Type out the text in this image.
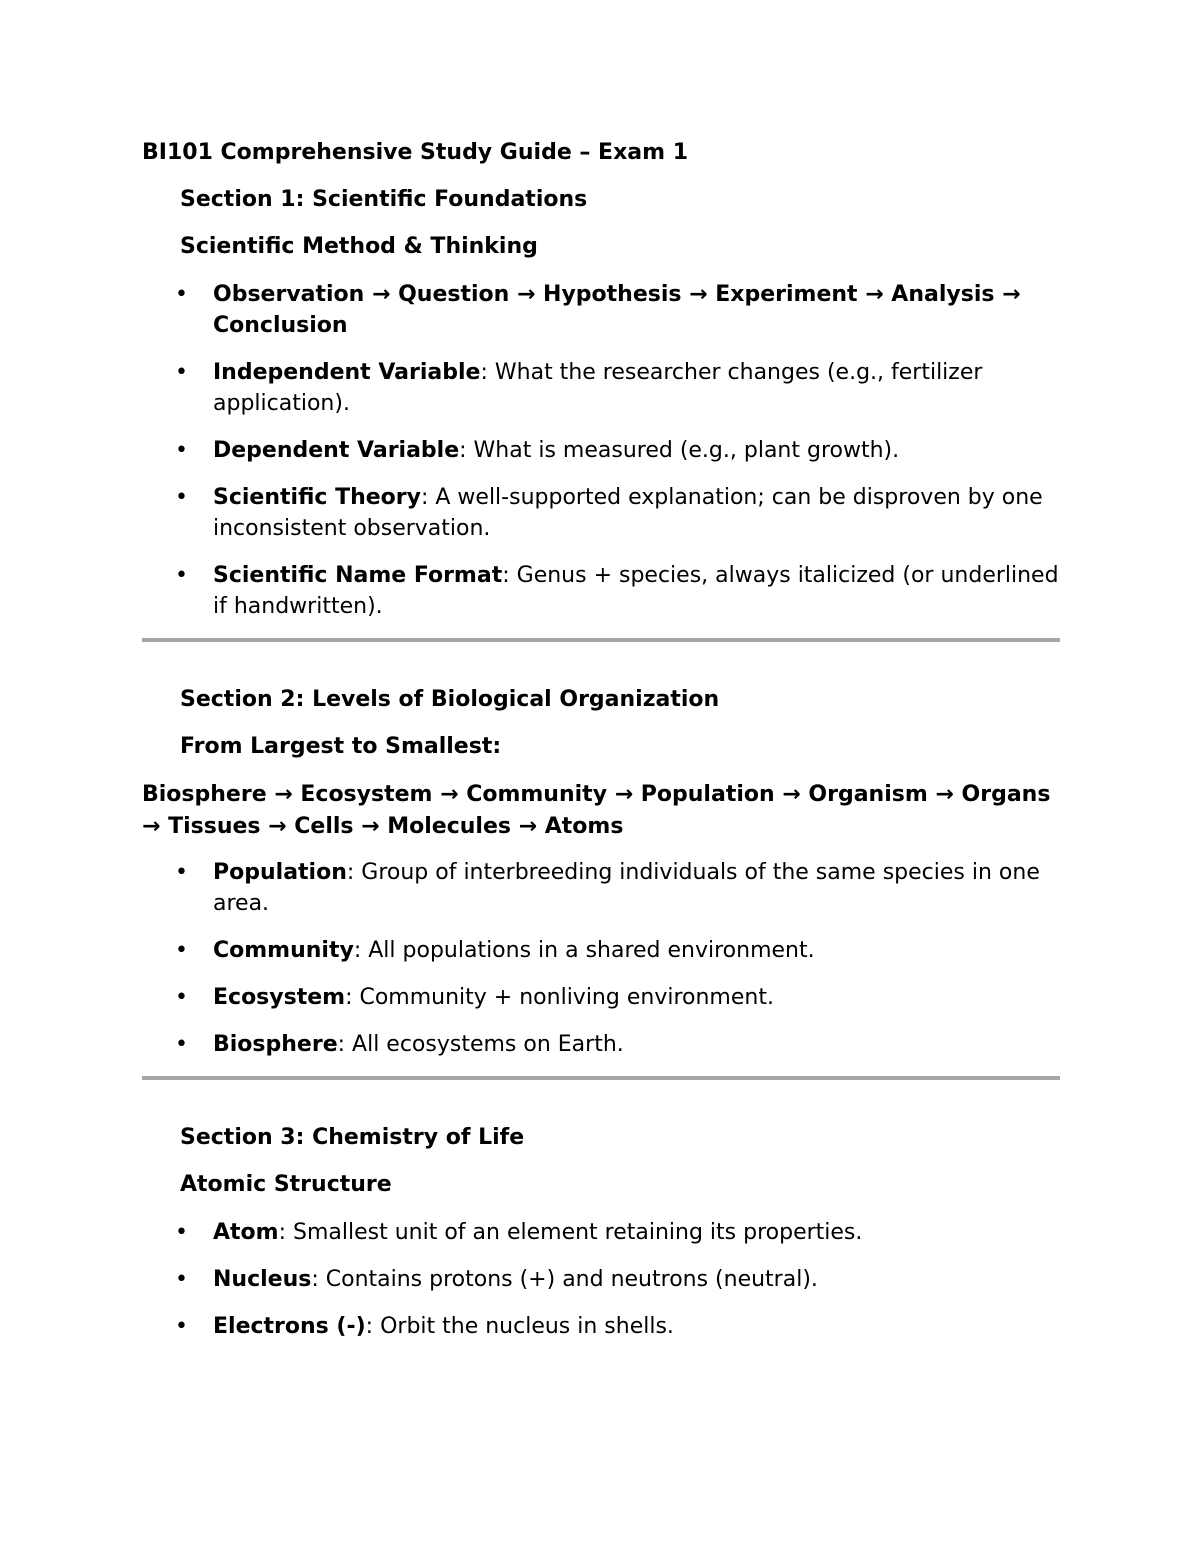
BI101 Comprehensive Study Guide – Exam 1
Section 1: Scientific Foundations
Scientific Method & Thinking
• Observation → Question → Hypothesis → Experiment → Analysis → Conclusion
• Independent Variable: What the researcher changes (e.g., fertilizer application).
• Dependent Variable: What is measured (e.g., plant growth).
• Scientific Theory: A well-supported explanation; can be disproven by one inconsistent observation.
• Scientific Name Format: Genus + species, always italicized (or underlined if handwritten).
Section 2: Levels of Biological Organization
From Largest to Smallest:
Biosphere → Ecosystem → Community → Population → Organism → Organs → Tissues → Cells → Molecules → Atoms
• Population: Group of interbreeding individuals of the same species in one area.
• Community: All populations in a shared environment.
• Ecosystem: Community + nonliving environment.
• Biosphere: All ecosystems on Earth.
Section 3: Chemistry of Life
Atomic Structure
• Atom: Smallest unit of an element retaining its properties.
• Nucleus: Contains protons (+) and neutrons (neutral).
• Electrons (-): Orbit the nucleus in shells.
